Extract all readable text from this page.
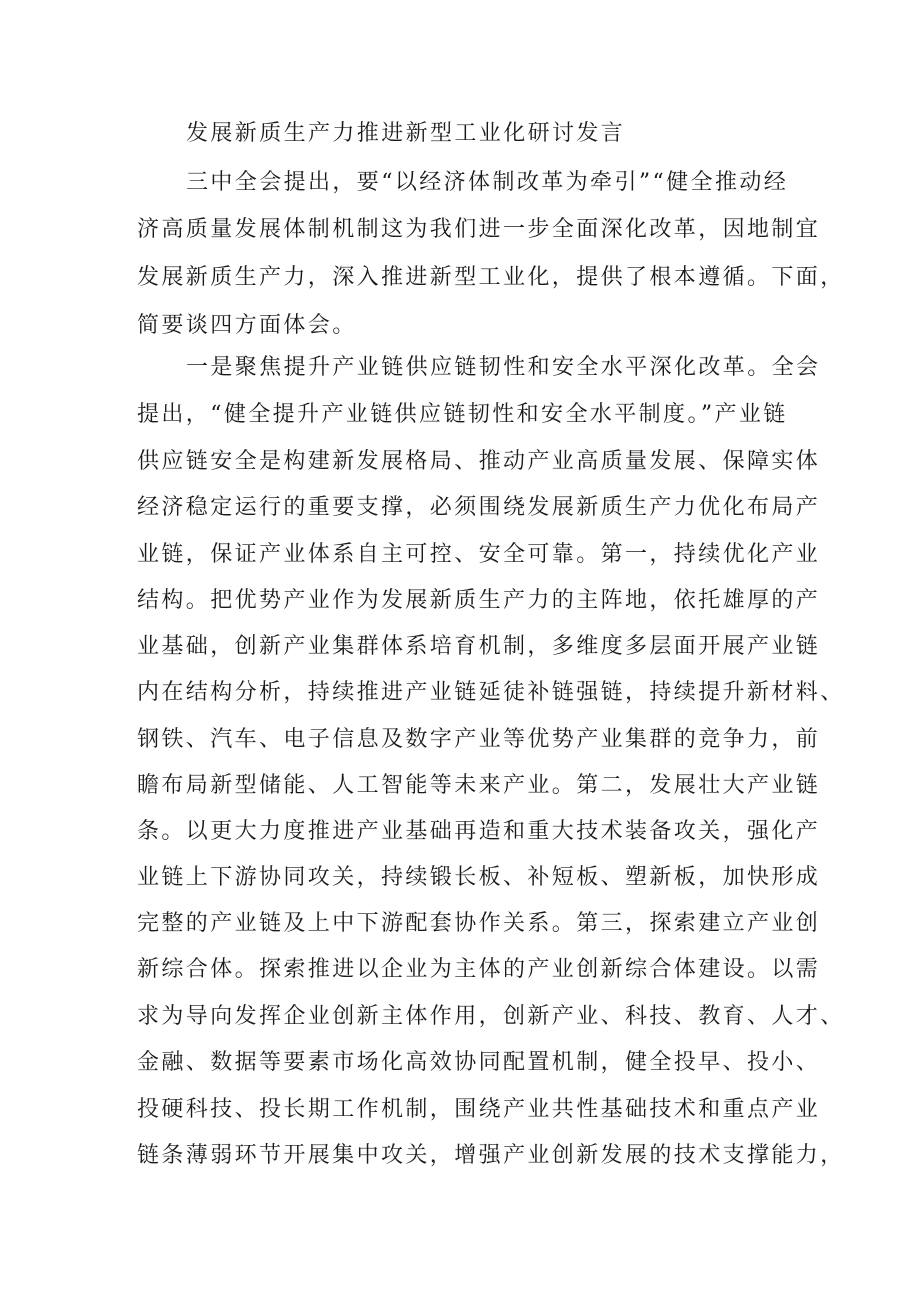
发展新质生产力推进新型工业化研讨发言
三中全会提出，要“以经济体制改革为牵引”“健全推动经
济高质量发展体制机制这为我们进一步全面深化改革，因地制宜
发展新质生产力，深入推进新型工业化，提供了根本遵循。下面，
简要谈四方面体会。
一是聚焦提升产业链供应链韧性和安全水平深化改革。全会
提出，“健全提升产业链供应链韧性和安全水平制度。”产业链
供应链安全是构建新发展格局、推动产业高质量发展、保障实体
经济稳定运行的重要支撑，必须围绕发展新质生产力优化布局产
业链，保证产业体系自主可控、安全可靠。第一，持续优化产业
结构。把优势产业作为发展新质生产力的主阵地，依托雄厚的产
业基础，创新产业集群体系培育机制，多维度多层面开展产业链
内在结构分析，持续推进产业链延徒补链强链，持续提升新材料、
钢铁、汽车、电子信息及数字产业等优势产业集群的竞争力，前
瞻布局新型储能、人工智能等未来产业。第二，发展壮大产业链
条。以更大力度推进产业基础再造和重大技术装备攻关，强化产
业链上下游协同攻关，持续锻长板、补短板、塑新板，加快形成
完整的产业链及上中下游配套协作关系。第三，探索建立产业创
新综合体。探索推进以企业为主体的产业创新综合体建设。以需
求为导向发挥企业创新主体作用，创新产业、科技、教育、人才、
金融、数据等要素市场化高效协同配置机制，健全投早、投小、
投硬科技、投长期工作机制，围绕产业共性基础技术和重点产业
链条薄弱环节开展集中攻关，增强产业创新发展的技术支撑能力，
